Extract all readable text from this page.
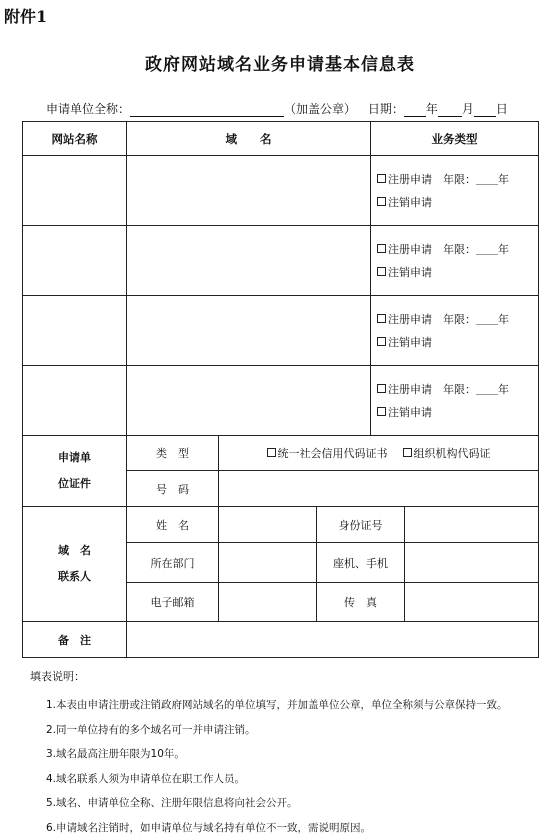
附件1
政府网站域名业务申请基本信息表
申请单位全称：	（加盖公章） 日期： 年 月 日
网站名称	域　　名			业务类型	

				注册申请　 年限：＿＿年
注销申请	

				注册申请　 年限：＿＿年
注销申请	

				注册申请　 年限：＿＿年
注销申请	

				注册申请　 年限：＿＿年
注销申请	

申请单
位证件	类　型	统一社会信用代码证书 组织机构代码证			
	号　码				

域　名
联系人	姓　名		身份证号		
	所在部门		座机、手机		
	电子邮箱		传　真		
备　注					
填表说明：
1.本表由申请注册或注销政府网站域名的单位填写，并加盖单位公章，单位全称须与公章保持一致。
2.同一单位持有的多个域名可一并申请注销。
3.域名最高注册年限为10年。
4.域名联系人须为申请单位在职工作人员。
5.域名、申请单位全称、注册年限信息将向社会公开。
6.申请域名注销时，如申请单位与域名持有单位不一致，需说明原因。
